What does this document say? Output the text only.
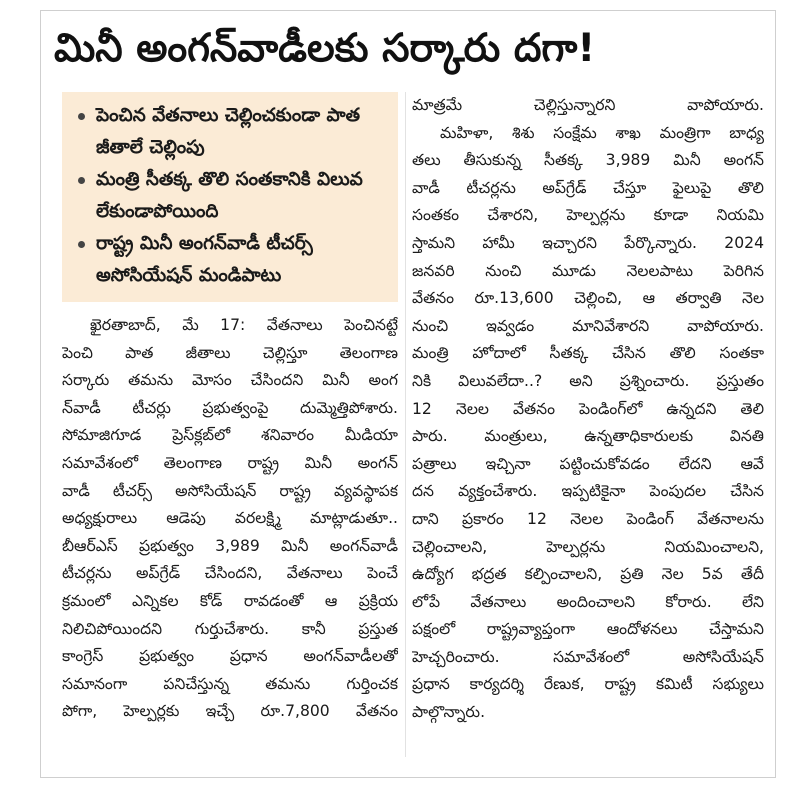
మినీ అంగన్‌వాడీలకు సర్కారు దగా!
పెంచిన వేతనాలు చెల్లించకుండా పాత జీతాలే చెల్లింపు
మంత్రి సీతక్క తొలి సంతకానికి విలువ లేకుండాపోయింది
రాష్ట్ర మినీ అంగన్‌వాడీ టీచర్స్ అసోసియేషన్ మండిపాటు

ఖైరతాబాద్, మే 17: వేతనాలు పెంచినట్టే
పెంచి పాత జీతాలు చెల్లిస్తూ తెలంగాణ
సర్కారు తమను మోసం చేసిందని మినీ అంగ
న్‌వాడీ టీచర్లు ప్రభుత్వంపై దుమ్మెత్తిపోశారు.
సోమాజిగూడ ప్రెస్‌క్లబ్‌లో శనివారం మీడియా
సమావేశంలో తెలంగాణ రాష్ట్ర మినీ అంగన్
వాడీ టీచర్స్ అసోసియేషన్ రాష్ట్ర వ్యవస్థాపక
అధ్యక్షురాలు ఆడెపు వరలక్ష్మి మాట్లాడుతూ..
బీఆర్‌ఎస్ ప్రభుత్వం 3,989 మినీ అంగన్‌వాడీ
టీచర్లను అప్‌గ్రేడ్ చేసిందని, వేతనాలు పెంచే
క్రమంలో ఎన్నికల కోడ్ రావడంతో ఆ ప్రక్రియ
నిలిచిపోయిందని గుర్తుచేశారు. కానీ ప్రస్తుత
కాంగ్రెస్ ప్రభుత్వం ప్రధాన అంగన్‌వాడీలతో
సమానంగా పనిచేస్తున్న తమను గుర్తించక
పోగా, హెల్పర్లకు ఇచ్చే రూ.7,800 వేతనం

మాత్రమే చెల్లిస్తున్నారని వాపోయారు.
మహిళా, శిశు సంక్షేమ శాఖ మంత్రిగా బాధ్య
తలు తీసుకున్న సీతక్క 3,989 మినీ అంగన్
వాడీ టీచర్లను అప్‌గ్రేడ్ చేస్తూ ఫైలుపై తొలి
సంతకం చేశారని, హెల్పర్లను కూడా నియమి
స్తామని హామీ ఇచ్చారని పేర్కొన్నారు. 2024
జనవరి నుంచి మూడు నెలలపాటు పెరిగిన
వేతనం రూ.13,600 చెల్లించి, ఆ తర్వాతి నెల
నుంచి ఇవ్వడం మానివేశారని వాపోయారు.
మంత్రి హోదాలో సీతక్క చేసిన తొలి సంతకా
నికి విలువలేదా..? అని ప్రశ్నించారు. ప్రస్తుతం
12 నెలల వేతనం పెండింగ్‌లో ఉన్నదని తెలి
పారు. మంత్రులు, ఉన్నతాధికారులకు వినతి
పత్రాలు ఇచ్చినా పట్టించుకోవడం లేదని ఆవే
దన వ్యక్తంచేశారు. ఇప్పటికైనా పెంపుదల చేసిన
దాని ప్రకారం 12 నెలల పెండింగ్ వేతనాలను
చెల్లించాలని, హెల్పర్లను నియమించాలని,
ఉద్యోగ భద్రత కల్పించాలని, ప్రతి నెల 5వ తేదీ
లోపే వేతనాలు అందించాలని కోరారు. లేని
పక్షంలో రాష్ట్రవ్యాప్తంగా ఆందోళనలు చేస్తామని
హెచ్చరించారు. సమావేశంలో అసోసియేషన్
ప్రధాన కార్యదర్శి రేణుక, రాష్ట్ర కమిటీ సభ్యులు
పాల్గొన్నారు.
